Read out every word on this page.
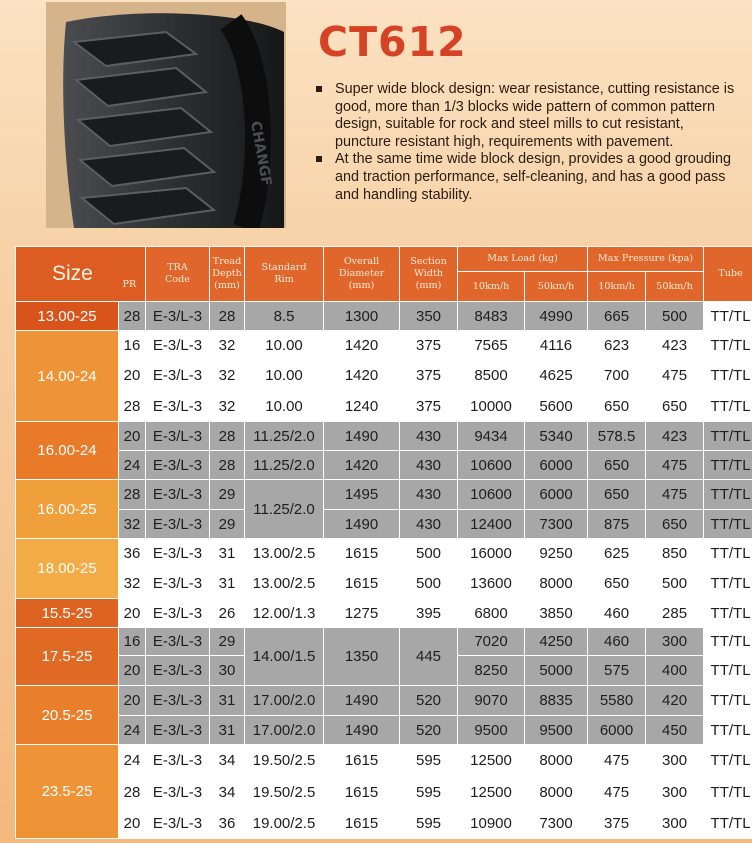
CHANGF
CT612
Super wide block design: wear resistance, cutting resistance is good, more than 1/3 blocks wide pattern of common pattern design, suitable for rock and steel mills to cut resistant, puncture resistant high, requirements with pavement.
At the same time wide block design, provides a good grouding and traction performance, self-cleaning, and has a good pass and handling stability.
Size PR		TRA Code	Tread Depth (mm)	Standard Rim	Overall Diameter (mm)	Section Width (mm)	Max Load (kg)		Max Pressure (kpa)		Tube
							10km/h	50km/h	10km/h	50km/h	
13.00-25	28	E-3/L-3	28	8.5	1300	350	8483	4990	665	500	TT/TL
14.00-24	16	E-3/L-3	32	10.00	1420	375	7565	4116	623	423	TT/TL
	20	E-3/L-3	32	10.00	1420	375	8500	4625	700	475	TT/TL
	28	E-3/L-3	32	10.00	1240	375	10000	5600	650	650	TT/TL
16.00-24	20	E-3/L-3	28	11.25/2.0	1490	430	9434	5340	578.5	423	TT/TL
	24	E-3/L-3	28	11.25/2.0	1420	430	10600	6000	650	475	TT/TL
16.00-25	28	E-3/L-3	29	11.25/2.0	1495	430	10600	6000	650	475	TT/TL
	32	E-3/L-3	29		1490	430	12400	7300	875	650	TT/TL
18.00-25	36	E-3/L-3	31	13.00/2.5	1615	500	16000	9250	625	850	TT/TL
	32	E-3/L-3	31	13.00/2.5	1615	500	13600	8000	650	500	TT/TL
15.5-25	20	E-3/L-3	26	12.00/1.3	1275	395	6800	3850	460	285	TT/TL
17.5-25	16	E-3/L-3	29	14.00/1.5	1350	445	7020	4250	460	300	TT/TL
	20	E-3/L-3	30				8250	5000	575	400	TT/TL
20.5-25	20	E-3/L-3	31	17.00/2.0	1490	520	9070	8835	5580	420	TT/TL
	24	E-3/L-3	31	17.00/2.0	1490	520	9500	9500	6000	450	TT/TL
23.5-25	24	E-3/L-3	34	19.50/2.5	1615	595	12500	8000	475	300	TT/TL
	28	E-3/L-3	34	19.50/2.5	1615	595	12500	8000	475	300	TT/TL
	20	E-3/L-3	36	19.00/2.5	1615	595	10900	7300	375	300	TT/TL
